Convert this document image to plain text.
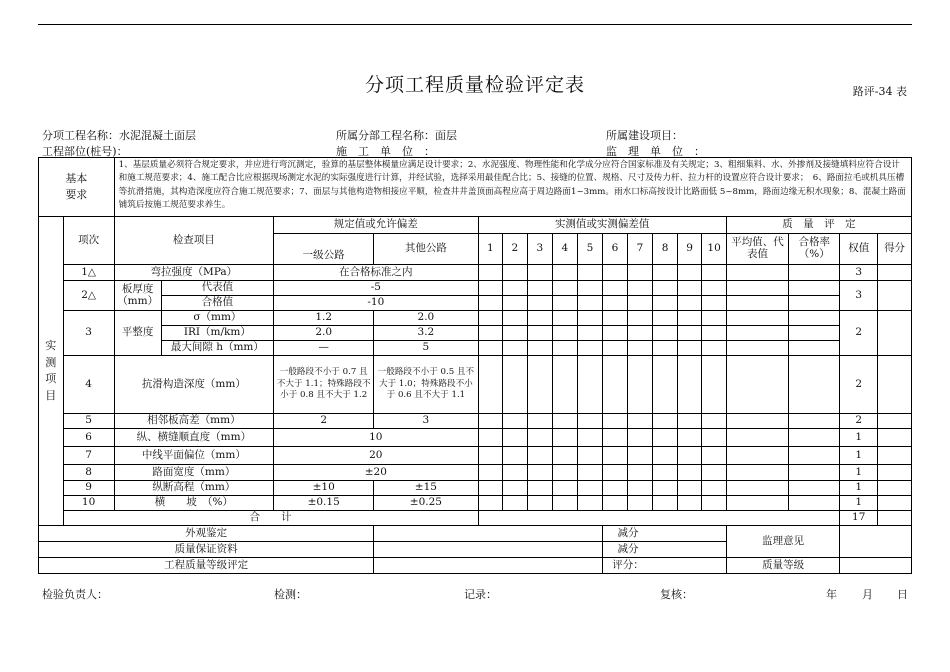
分项工程质量检验评定表	路评-34 表
分项工程名称：水泥混凝土面层	所属分部工程名称：面层	所属建设项目：
工程部位(桩号)：	施　工　单　位　：	监　理　单　位　：
基本要求		1、基层质量必须符合规定要求，并应进行弯沉测定，验算的基层整体模量应满足设计要求；2、水泥强度、物理性能和化学成分应符合国家标准及有关规定；3、粗细集料、水、外掺剂及接缝填料应符合设计和施工规范要求；4、施工配合比应根据现场测定水泥的实际强度进行计算，并经试验，选择采用最佳配合比；5、接缝的位置、规格、尺寸及传力杆、拉力杆的设置应符合设计要求；　6、路面拉毛或机具压槽等抗滑措施，其构造深度应符合施工规范要求；7、面层与其他构造物相接应平顺，检查井井盖顶面高程应高于周边路面1~3mm。雨水口标高按设计比路面低 5~8mm，路面边缘无积水现象；8、混凝土路面铺筑后按施工规范要求养生。																	

实测项目	项次	检查项目		规定值或允许偏差		实测值或实测偏差值										质　量　评　定			
				一级公路	其他公路	1	2	3	4	5	6	7	8	9	10	平均值、代表值	合格率（%）	权值	得分
	1△	弯拉强度（MPa）		在合格标准之内														3	
	2△	板厚度（mm）	代表值	-5														3	
			合格值	-10															
	3	平整度	σ（mm）	1.2	2.0													2	
			IRI（m/km）	2.0	3.2														
			最大间隙 h（mm）	—	5														
	4	抗滑构造深度（mm）		一般路段不小于 0.7 且不大于 1.1；特殊路段不小于 0.8 且不大于 1.2	一般路段不小于 0.5 且不大于 1.0；特殊路段不小于 0.6 且不大于 1.1													2	
	5	相邻板高差（mm）		2	3													2	
	6	纵、横缝顺直度（mm）		10														1	
	7	中线平面偏位（mm）		20														1	
	8	路面宽度（mm）		±20														1	
	9	纵断高程（mm）		±10	±15													1	
	10	横　　坡　（%）		±0.15	±0.25													1	
	合　　计																	17	
外观鉴定											减分					监理意见			
质量保证资料											减分								
工程质量等级评定											评分：					质量等级			
检验负责人：	检测：	记录：	复核：	年 月 日
